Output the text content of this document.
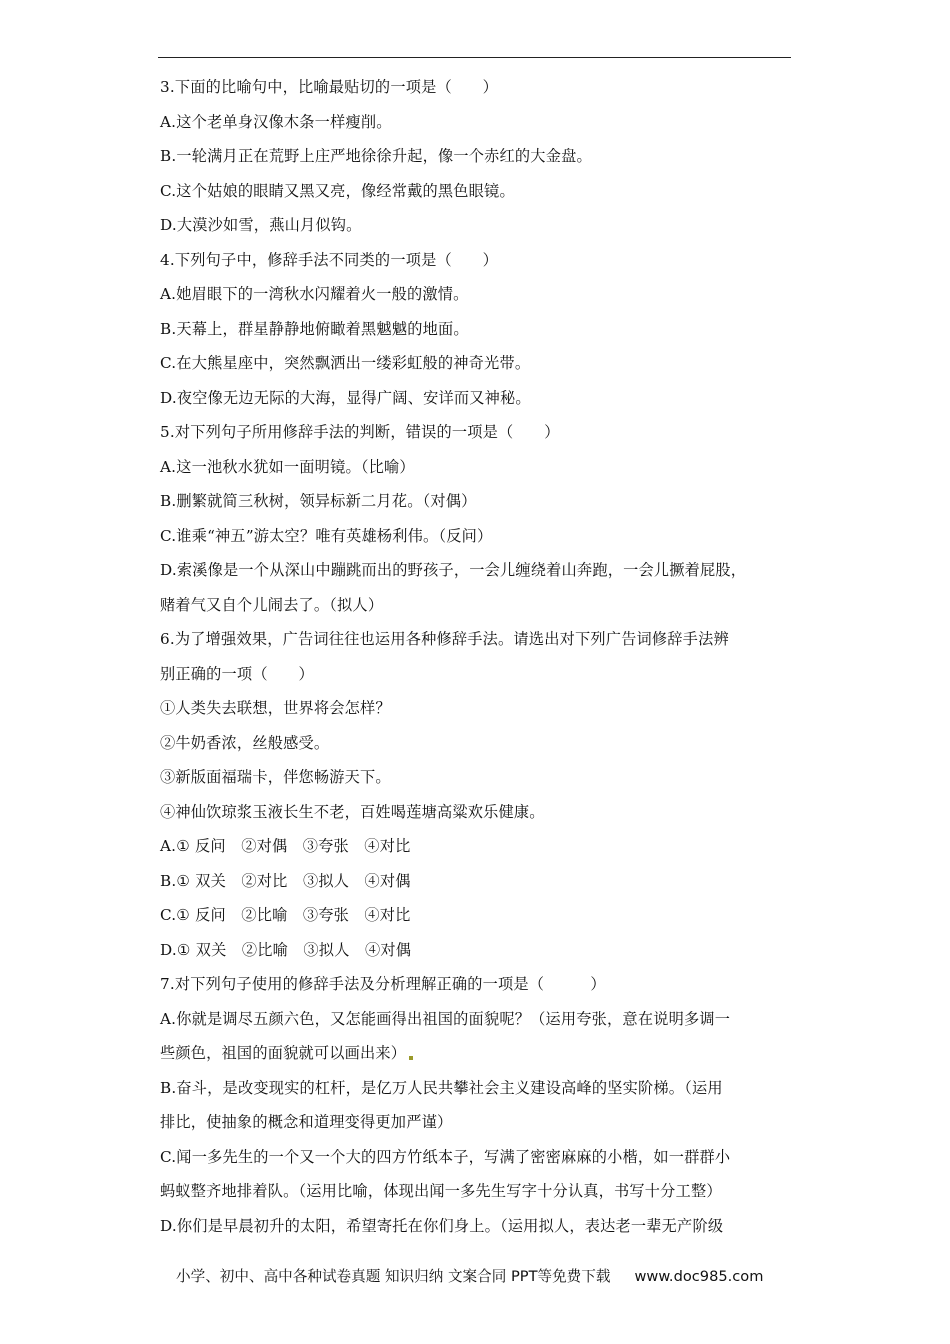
3.下面的比喻句中，比喻最贴切的一项是（　　）
A.这个老单身汉像木条一样瘦削。
B.一轮满月正在荒野上庄严地徐徐升起，像一个赤红的大金盘。
C.这个姑娘的眼睛又黑又亮，像经常戴的黑色眼镜。
D.大漠沙如雪，燕山月似钩。
4.下列句子中，修辞手法不同类的一项是（　　）
A.她眉眼下的一湾秋水闪耀着火一般的激情。
B.天幕上，群星静静地俯瞰着黑魆魆的地面。
C.在大熊星座中，突然飘洒出一缕彩虹般的神奇光带。
D.夜空像无边无际的大海，显得广阔、安详而又神秘。
5.对下列句子所用修辞手法的判断，错误的一项是（　　）
A.这一池秋水犹如一面明镜。（比喻）
B.删繁就简三秋树，领异标新二月花。（对偶）
C.谁乘“神五”游太空？唯有英雄杨利伟。（反问）
D.索溪像是一个从深山中蹦跳而出的野孩子，一会儿缠绕着山奔跑，一会儿撅着屁股，
赌着气又自个儿闹去了。（拟人）
6.为了增强效果，广告词往往也运用各种修辞手法。请选出对下列广告词修辞手法辨
别正确的一项（　　）
①人类失去联想，世界将会怎样？
②牛奶香浓，丝般感受。
③新版面福瑞卡，伴您畅游天下。
④神仙饮琼浆玉液长生不老，百姓喝莲塘高粱欢乐健康。
A.① 反问　②对偶　③夸张　④对比
B.① 双关　②对比　③拟人　④对偶
C.① 反问　②比喻　③夸张　④对比
D.① 双关　②比喻　③拟人　④对偶
7.对下列句子使用的修辞手法及分析理解正确的一项是（　　　）
A.你就是调尽五颜六色，又怎能画得出祖国的面貌呢？（运用夸张，意在说明多调一
些颜色，祖国的面貌就可以画出来）
B.奋斗，是改变现实的杠杆，是亿万人民共攀社会主义建设高峰的坚实阶梯。（运用
排比，使抽象的概念和道理变得更加严谨）
C.闻一多先生的一个又一个大的四方竹纸本子，写满了密密麻麻的小楷，如一群群小
蚂蚁整齐地排着队。（运用比喻，体现出闻一多先生写字十分认真，书写十分工整）
D.你们是早晨初升的太阳，希望寄托在你们身上。（运用拟人，表达老一辈无产阶级
小学、初中、高中各种试卷真题 知识归纳 文案合同 PPT等免费下载 www.doc985.com
